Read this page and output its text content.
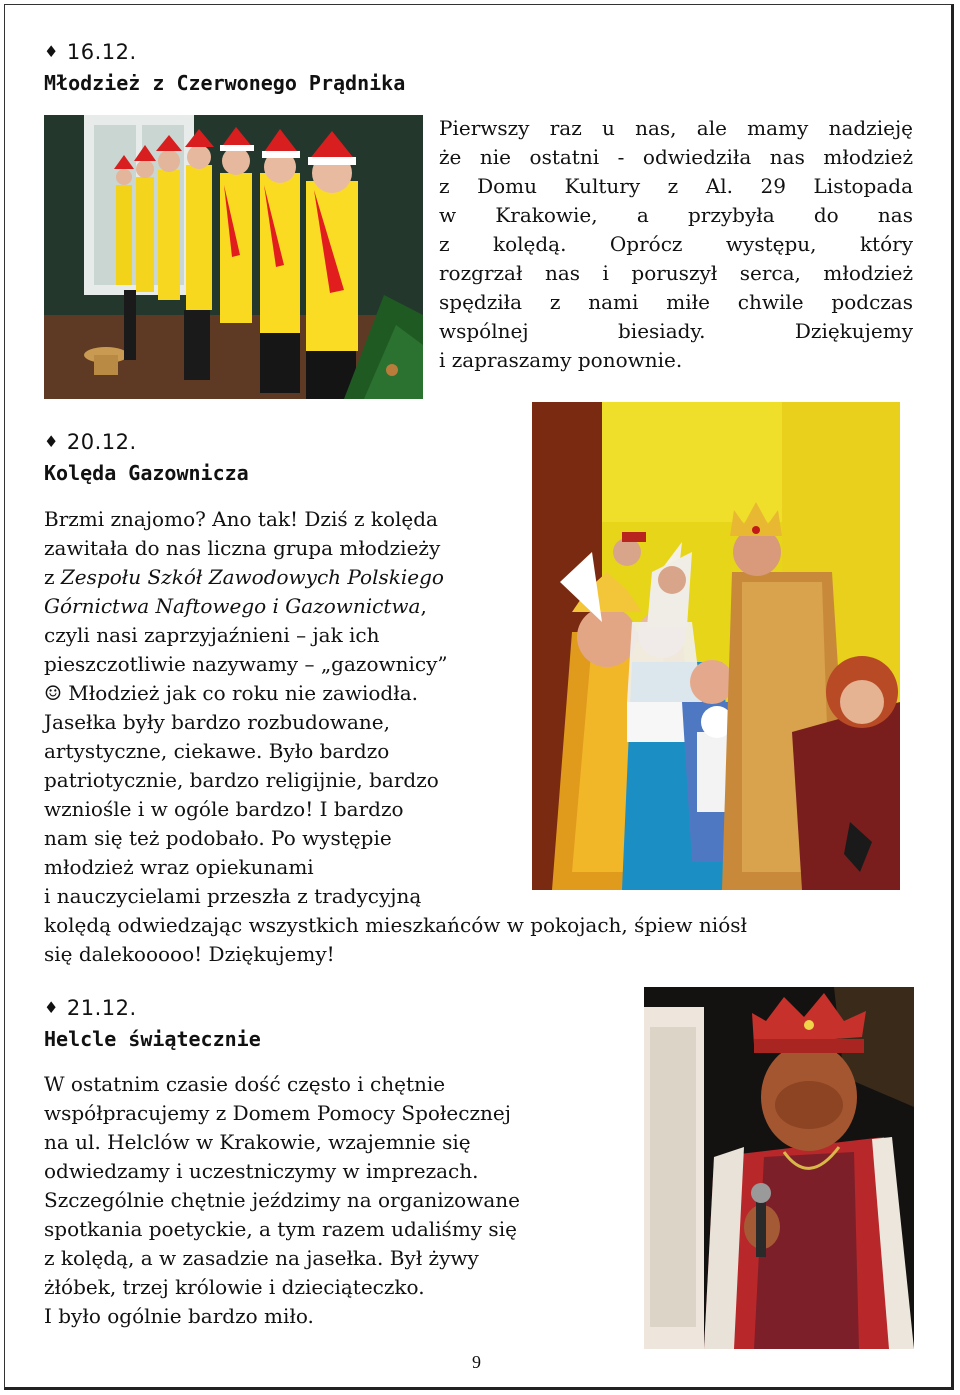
♦ 16.12.
Młodzież z Czerwonego Prądnika

Pierwszy raz u nas, ale mamy nadzieję

że nie ostatni - odwiedziła nas młodzież

z Domu Kultury z Al. 29 Listopada

w Krakowie, a przybyła do nas

z kolędą. Oprócz występu, który

rozgrzał nas i poruszył serca, młodzież

spędziła z nami miłe chwile podczas

wspólnej biesiady. Dziękujemy

i zapraszamy ponownie.

♦ 20.12.
Kolęda Gazownicza

Brzmi znajomo? Ano tak! Dziś z kolęda

zawitała do nas liczna grupa młodzieży

z Zespołu Szkół Zawodowych Polskiego

Górnictwa Naftowego i Gazownictwa,

czyli nasi zaprzyjaźnieni – jak ich

pieszczotliwie nazywamy – „gazownicy”

☺ Młodzież jak co roku nie zawiodła.

Jasełka były bardzo rozbudowane,

artystyczne, ciekawe. Było bardzo

patriotycznie, bardzo religijnie, bardzo

wzniośle i w ogóle bardzo! I bardzo

nam się też podobało. Po występie

młodzież wraz opiekunami

i nauczycielami przeszła z tradycyjną

kolędą odwiedzając wszystkich mieszkańców w pokojach, śpiew niósł

się dalekooooo! Dziękujemy!

♦ 21.12.
Helcle świątecznie

W ostatnim czasie dość często i chętnie

współpracujemy z Domem Pomocy Społecznej

na ul. Helclów w Krakowie, wzajemnie się

odwiedzamy i uczestniczymy w imprezach.

Szczególnie chętnie jeździmy na organizowane

spotkania poetyckie, a tym razem udaliśmy się

z kolędą, a w zasadzie na jasełka. Był żywy

żłóbek, trzej królowie i dzieciąteczko.

I było ogólnie bardzo miło.

9
